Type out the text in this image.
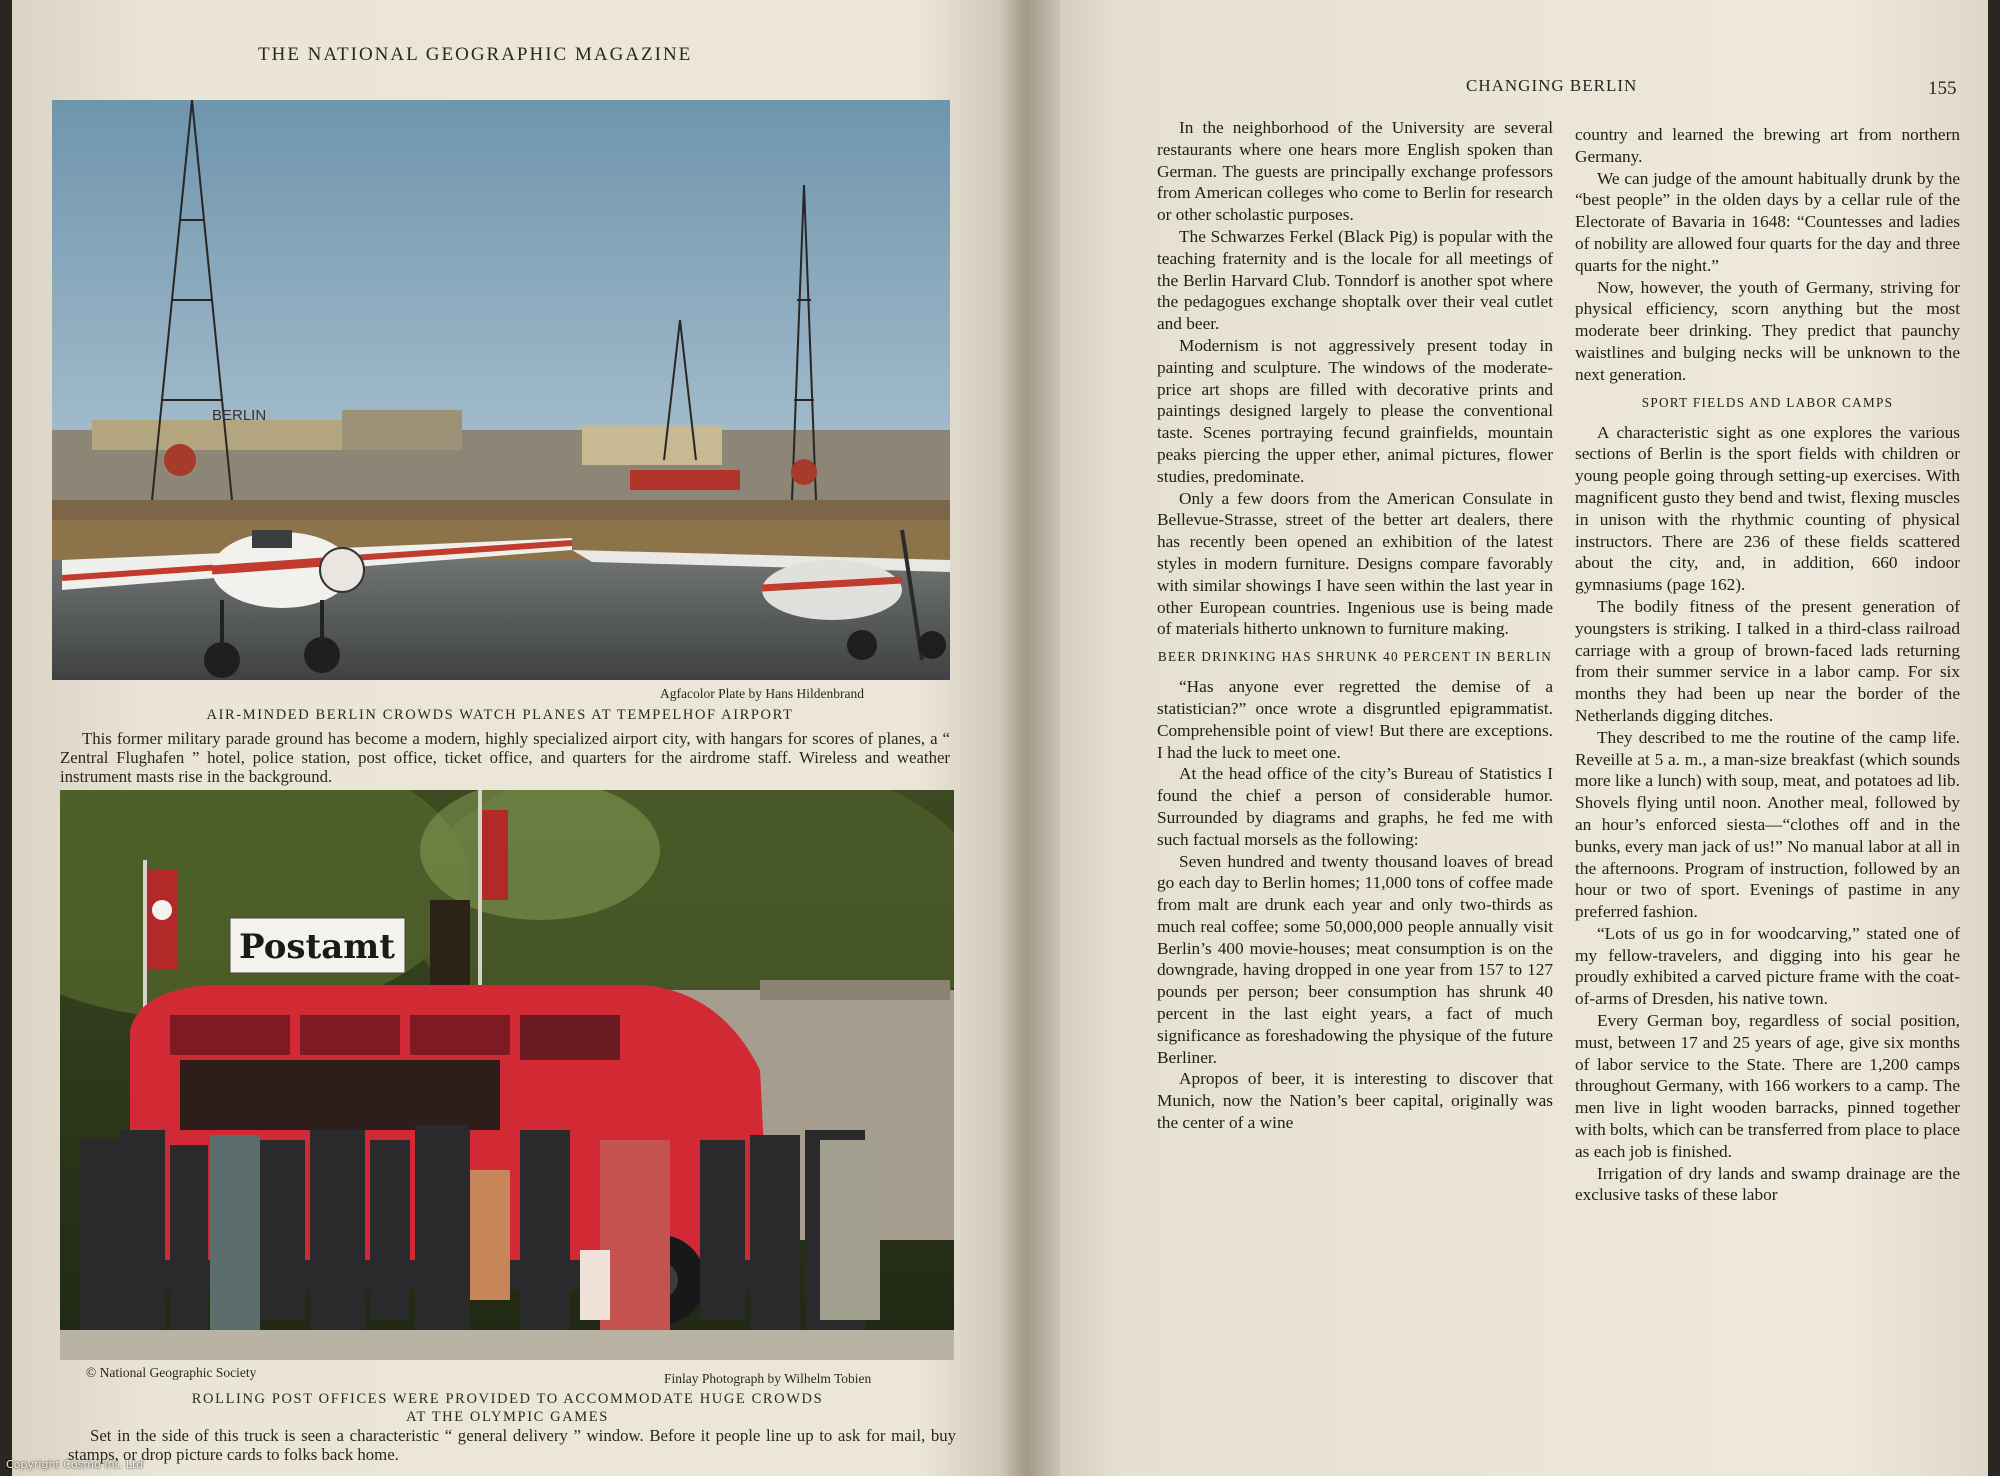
THE NATIONAL GEOGRAPHIC MAGAZINE
BERLIN
Agfacolor Plate by Hans Hildenbrand
AIR-MINDED BERLIN CROWDS WATCH PLANES AT TEMPELHOF AIRPORT
This former military parade ground has become a modern, highly specialized airport city, with hangars for scores of planes, a “ Zentral Flughafen ” hotel, police station, post office, ticket office, and quarters for the airdrome staff. Wireless and weather instrument masts rise in the background.
Postamt
© National Geographic Society	Finlay Photograph by Wilhelm Tobien
ROLLING POST OFFICES WERE PROVIDED TO ACCOMMODATE HUGE CROWDS
AT THE OLYMPIC GAMES
Set in the side of this truck is seen a characteristic “ general delivery ” window. Before it people line up to ask for mail, buy stamps, or drop picture cards to folks back home.
CHANGING BERLIN	155

In the neighborhood of the University are several restaurants where one hears more English spoken than German. The guests are principally exchange professors from American colleges who come to Berlin for research or other scholastic purposes.

The Schwarzes Ferkel (Black Pig) is popular with the teaching fraternity and is the locale for all meetings of the Berlin Harvard Club. Tonndorf is another spot where the pedagogues exchange shoptalk over their veal cutlet and beer.

Modernism is not aggressively present today in painting and sculpture. The windows of the moderate-price art shops are filled with decorative prints and paintings designed largely to please the conventional taste. Scenes portraying fecund grainfields, mountain peaks piercing the upper ether, animal pictures, flower studies, predominate.

Only a few doors from the American Consulate in Bellevue-Strasse, street of the better art dealers, there has recently been opened an exhibition of the latest styles in modern furniture. Designs compare favorably with similar showings I have seen within the last year in other European countries. Ingenious use is being made of materials hitherto unknown to furniture making.

BEER DRINKING HAS SHRUNK 40 PERCENT IN BERLIN

“Has anyone ever regretted the demise of a statistician?” once wrote a disgruntled epigrammatist. Comprehensible point of view! But there are exceptions. I had the luck to meet one.

At the head office of the city’s Bureau of Statistics I found the chief a person of considerable humor. Surrounded by diagrams and graphs, he fed me with such factual morsels as the following:

Seven hundred and twenty thousand loaves of bread go each day to Berlin homes; 11,000 tons of coffee made from malt are drunk each year and only two-thirds as much real coffee; some 50,000,000 people annually visit Berlin’s 400 movie-houses; meat consumption is on the downgrade, having dropped in one year from 157 to 127 pounds per person; beer consumption has shrunk 40 percent in the last eight years, a fact of much significance as foreshadowing the physique of the future Berliner.

Apropos of beer, it is interesting to discover that Munich, now the Nation’s beer capital, originally was the center of a wine

country and learned the brewing art from northern Germany.

We can judge of the amount habitually drunk by the “best people” in the olden days by a cellar rule of the Electorate of Bavaria in 1648: “Countesses and ladies of nobility are allowed four quarts for the day and three quarts for the night.”

Now, however, the youth of Germany, striving for physical efficiency, scorn anything but the most moderate beer drinking. They predict that paunchy waistlines and bulging necks will be unknown to the next generation.

SPORT FIELDS AND LABOR CAMPS

A characteristic sight as one explores the various sections of Berlin is the sport fields with children or young people going through setting-up exercises. With magnificent gusto they bend and twist, flexing muscles in unison with the rhythmic counting of physical instructors. There are 236 of these fields scattered about the city, and, in addition, 660 indoor gymnasiums (page 162).

The bodily fitness of the present generation of youngsters is striking. I talked in a third-class railroad carriage with a group of brown-faced lads returning from their summer service in a labor camp. For six months they had been up near the border of the Netherlands digging ditches.

They described to me the routine of the camp life. Reveille at 5 a. m., a man-size breakfast (which sounds more like a lunch) with soup, meat, and potatoes ad lib. Shovels flying until noon. Another meal, followed by an hour’s enforced siesta—“clothes off and in the bunks, every man jack of us!” No manual labor at all in the afternoons. Program of instruction, followed by an hour or two of sport. Evenings of pastime in any preferred fashion.

“Lots of us go in for woodcarving,” stated one of my fellow-travelers, and digging into his gear he proudly exhibited a carved picture frame with the coat-of-arms of Dresden, his native town.

Every German boy, regardless of social position, must, between 17 and 25 years of age, give six months of labor service to the State. There are 1,200 camps throughout Germany, with 166 workers to a camp. The men live in light wooden barracks, pinned together with bolts, which can be transferred from place to place as each job is finished.

Irrigation of dry lands and swamp drainage are the exclusive tasks of these labor

Copyright Cosmo Int. Ltd
